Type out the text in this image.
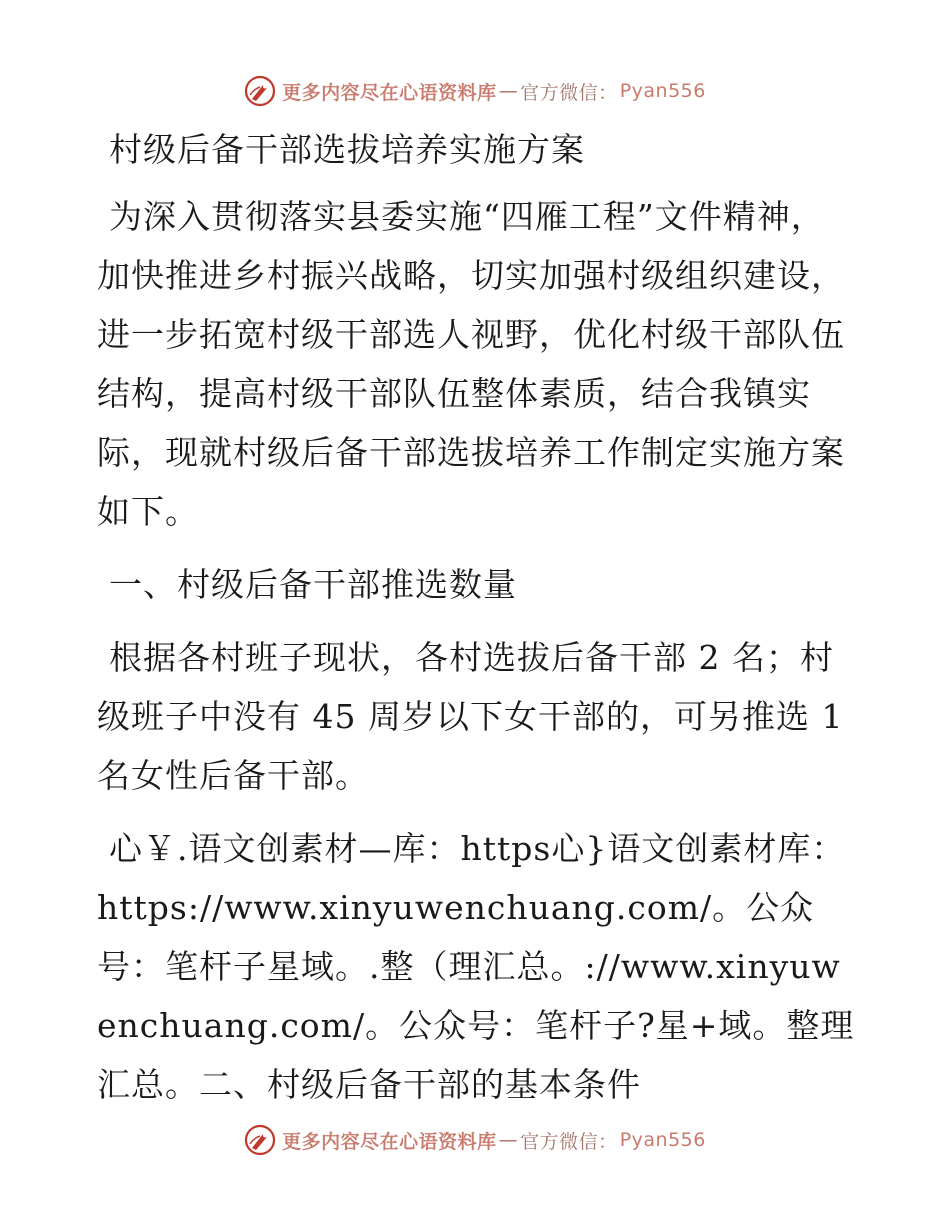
更多内容尽在心语资料库 — 官方微信： Pyan556

村级后备干部选拔培养实施方案

为深入贯彻落实县委实施“四雁工程”文件精神，加快推进乡村振兴战略，切实加强村级组织建设，进一步拓宽村级干部选人视野，优化村级干部队伍结构，提高村级干部队伍整体素质，结合我镇实际，现就村级后备干部选拔培养工作制定实施方案如下。

一、村级后备干部推选数量

根据各村班子现状，各村选拔后备干部 2 名；村级班子中没有 45 周岁以下女干部的，可另推选 1 名女性后备干部。

心￥.语文创素材—库：https心}语文创素材库：https://www.xinyuwenchuang.com/。公众号：笔杆子星域。.整（理汇总。://www.xinyuwenchuang.com/。公众号：笔杆子?星+域。整理汇总。二、村级后备干部的基本条件

更多内容尽在心语资料库 — 官方微信： Pyan556
